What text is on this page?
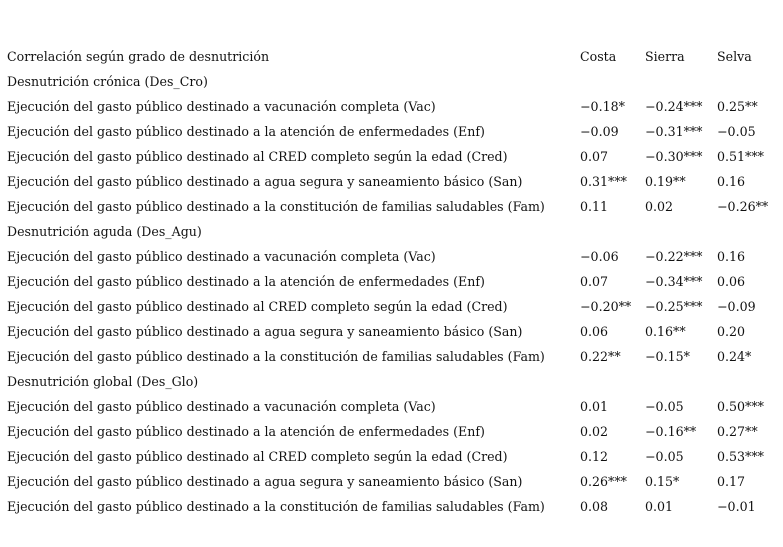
Correlación según grado de desnutrición	Costa	Sierra	Selva
Desnutrición crónica (Des_Cro)
Ejecución del gasto público destinado a vacunación completa (Vac)	−0.18*	−0.24***	0.25**
Ejecución del gasto público destinado a la atención de enfermedades (Enf)	−0.09	−0.31***	−0.05
Ejecución del gasto público destinado al CRED completo según la edad (Cred)	0.07	−0.30***	0.51***
Ejecución del gasto público destinado a agua segura y saneamiento básico (San)	0.31***	0.19**	0.16
Ejecución del gasto público destinado a la constitución de familias saludables (Fam)	0.11	0.02	−0.26**
Desnutrición aguda (Des_Agu)
Ejecución del gasto público destinado a vacunación completa (Vac)	−0.06	−0.22***	0.16
Ejecución del gasto público destinado a la atención de enfermedades (Enf)	0.07	−0.34***	0.06
Ejecución del gasto público destinado al CRED completo según la edad (Cred)	−0.20**	−0.25***	−0.09
Ejecución del gasto público destinado a agua segura y saneamiento básico (San)	0.06	0.16**	0.20
Ejecución del gasto público destinado a la constitución de familias saludables (Fam)	0.22**	−0.15*	0.24*
Desnutrición global (Des_Glo)
Ejecución del gasto público destinado a vacunación completa (Vac)	0.01	−0.05	0.50***
Ejecución del gasto público destinado a la atención de enfermedades (Enf)	0.02	−0.16**	0.27**
Ejecución del gasto público destinado al CRED completo según la edad (Cred)	0.12	−0.05	0.53***
Ejecución del gasto público destinado a agua segura y saneamiento básico (San)	0.26***	0.15*	0.17
Ejecución del gasto público destinado a la constitución de familias saludables (Fam)	0.08	0.01	−0.01
